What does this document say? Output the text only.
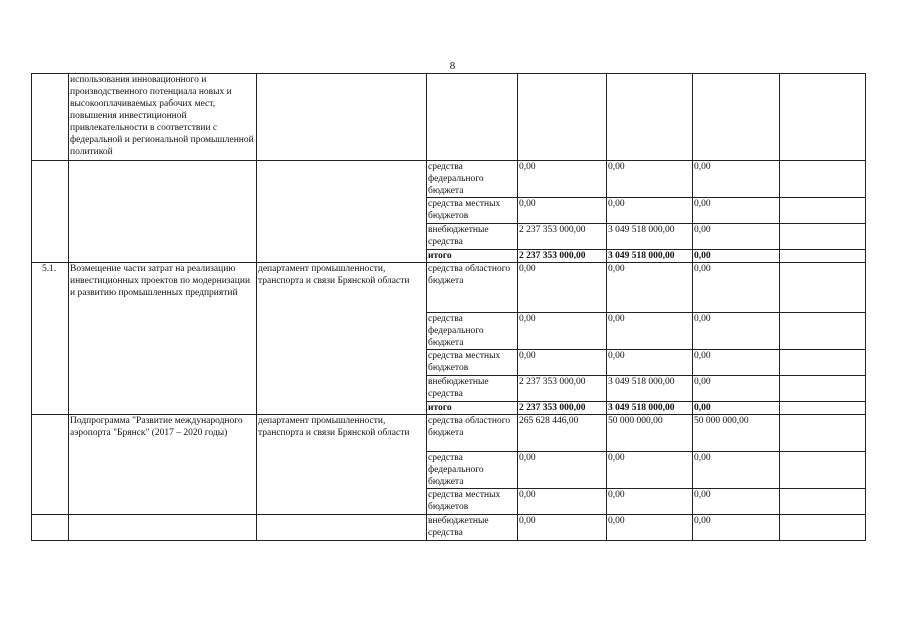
8
	использования инновационного и производственного потенциала новых и высокооплачиваемых рабочих мест, повышения инвестиционной привлекательности в соответствии с федеральной и региональной промышленной политикой						
			средства федерального бюджета	0,00	0,00	0,00	
			средства местных бюджетов	0,00	0,00	0,00	
			внебюджетные средства	2 237 353 000,00	3 049 518 000,00	0,00	
			итого	2 237 353 000,00	3 049 518 000,00	0,00	
5.1.	Возмещение части затрат на реализацию инвестиционных проектов по модернизации и развитию промышленных предприятий	департамент промышленности, транспорта и связи Брянской области	средства областного бюджета	0,00	0,00	0,00	
			средства федерального бюджета	0,00	0,00	0,00	
			средства местных бюджетов	0,00	0,00	0,00	
			внебюджетные средства	2 237 353 000,00	3 049 518 000,00	0,00	
			итого	2 237 353 000,00	3 049 518 000,00	0,00	
	Подпрограмма "Развитие международного аэропорта "Брянск" (2017 – 2020 годы)	департамент промышленности, транспорта и связи Брянской области	средства областного бюджета	265 628 446,00	50 000 000,00	50 000 000,00	
			средства федерального бюджета	0,00	0,00	0,00	
			средства местных бюджетов	0,00	0,00	0,00	
			внебюджетные средства	0,00	0,00	0,00	
